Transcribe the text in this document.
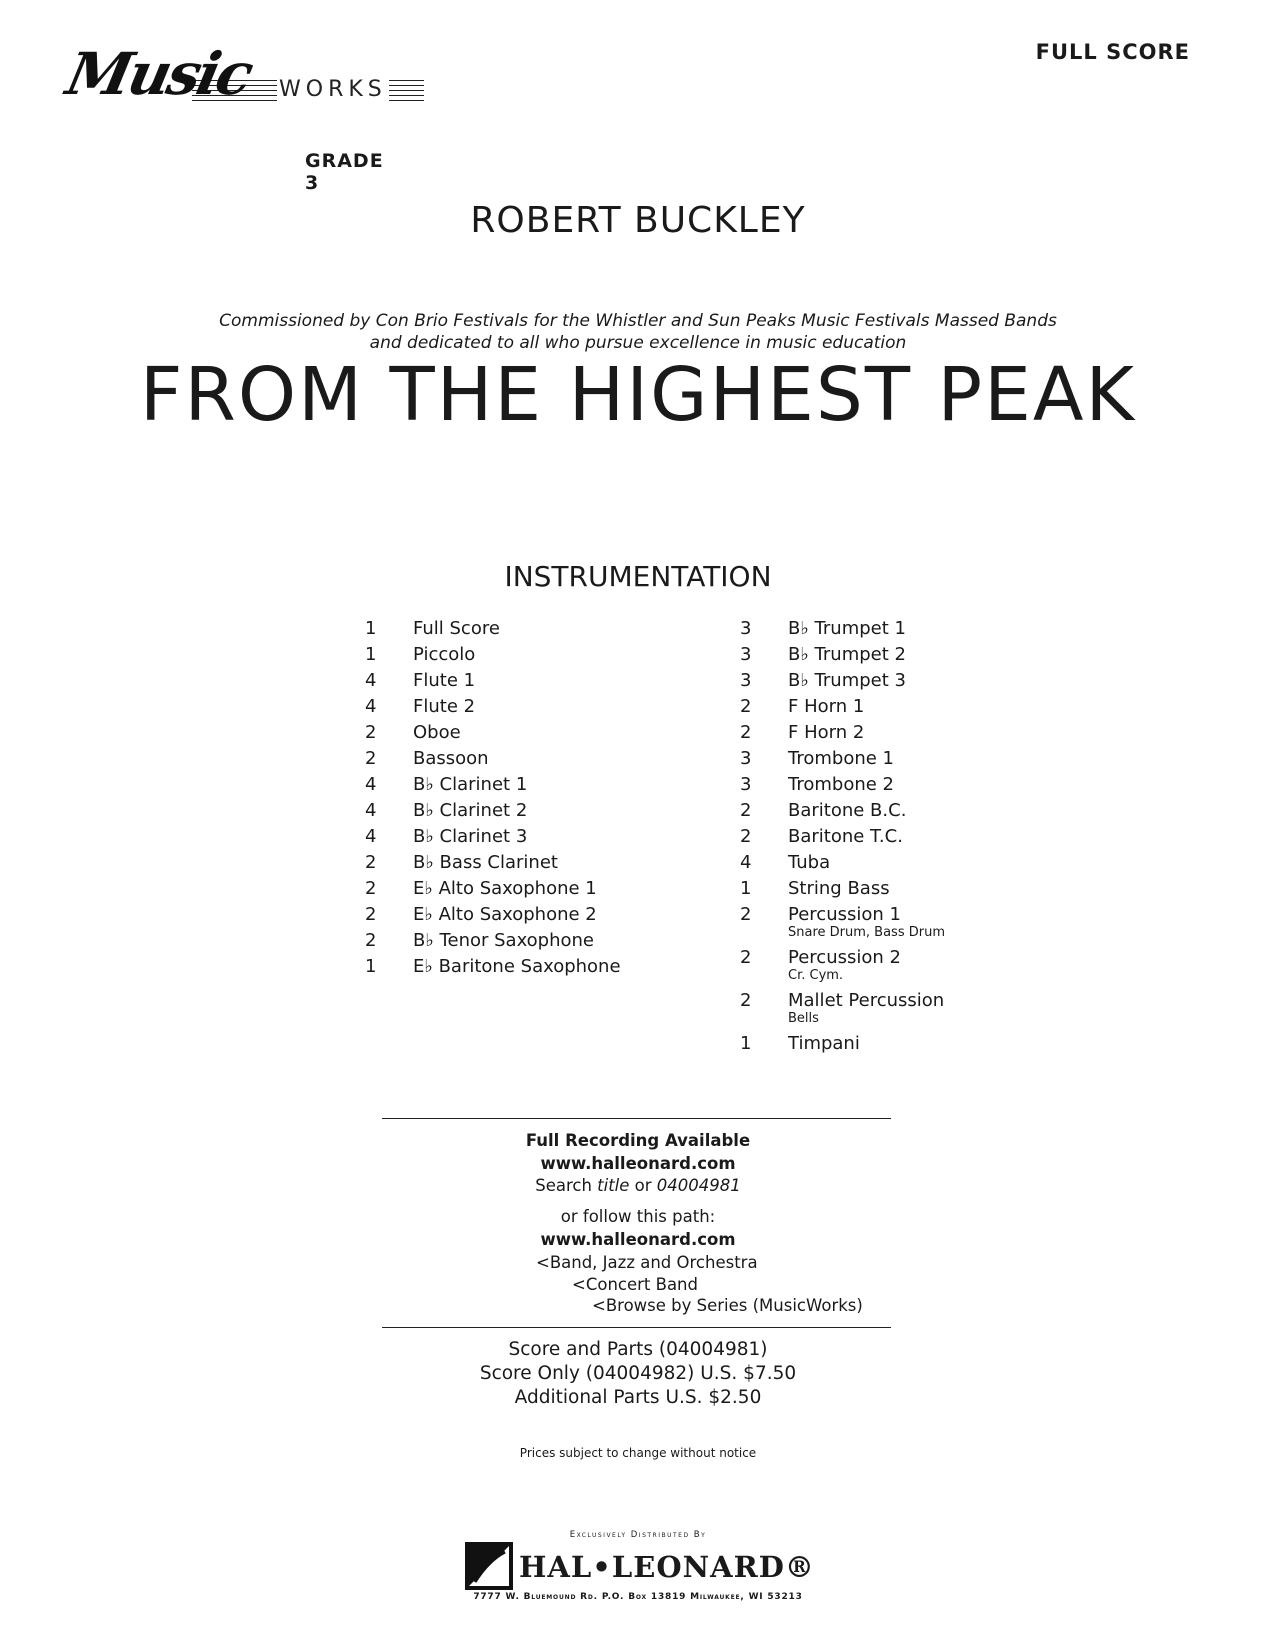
Music WORKS
GRADE 3
FULL SCORE
ROBERT BUCKLEY
Commissioned by Con Brio Festivals for the Whistler and Sun Peaks Music Festivals Massed Bands
and dedicated to all who pursue excellence in music education
FROM THE HIGHEST PEAK
INSTRUMENTATION
1	Full Score
1	Piccolo
4	Flute 1
4	Flute 2
2	Oboe
2	Bassoon
4	B♭ Clarinet 1
4	B♭ Clarinet 2
4	B♭ Clarinet 3
2	B♭ Bass Clarinet
2	E♭ Alto Saxophone 1
2	E♭ Alto Saxophone 2
2	B♭ Tenor Saxophone
1	E♭ Baritone Saxophone
3	B♭ Trumpet 1
3	B♭ Trumpet 2
3	B♭ Trumpet 3
2	F Horn 1
2	F Horn 2
3	Trombone 1
3	Trombone 2
2	Baritone B.C.
2	Baritone T.C.
4	Tuba
1	String Bass
2	Percussion 1
Snare Drum, Bass Drum
2	Percussion 2
Cr. Cym.
2	Mallet Percussion
Bells
1	Timpani
Full Recording Available
www.halleonard.com
Search title or 04004981
or follow this path:
www.halleonard.com
<Band, Jazz and Orchestra
<Concert Band
<Browse by Series (MusicWorks)
Score and Parts (04004981)
Score Only (04004982) U.S. $7.50
Additional Parts U.S. $2.50
Prices subject to change without notice
Exclusively Distributed By
HAL•LEONARD®
7777 W. Bluemound Rd. P.O. Box 13819 Milwaukee, WI 53213
